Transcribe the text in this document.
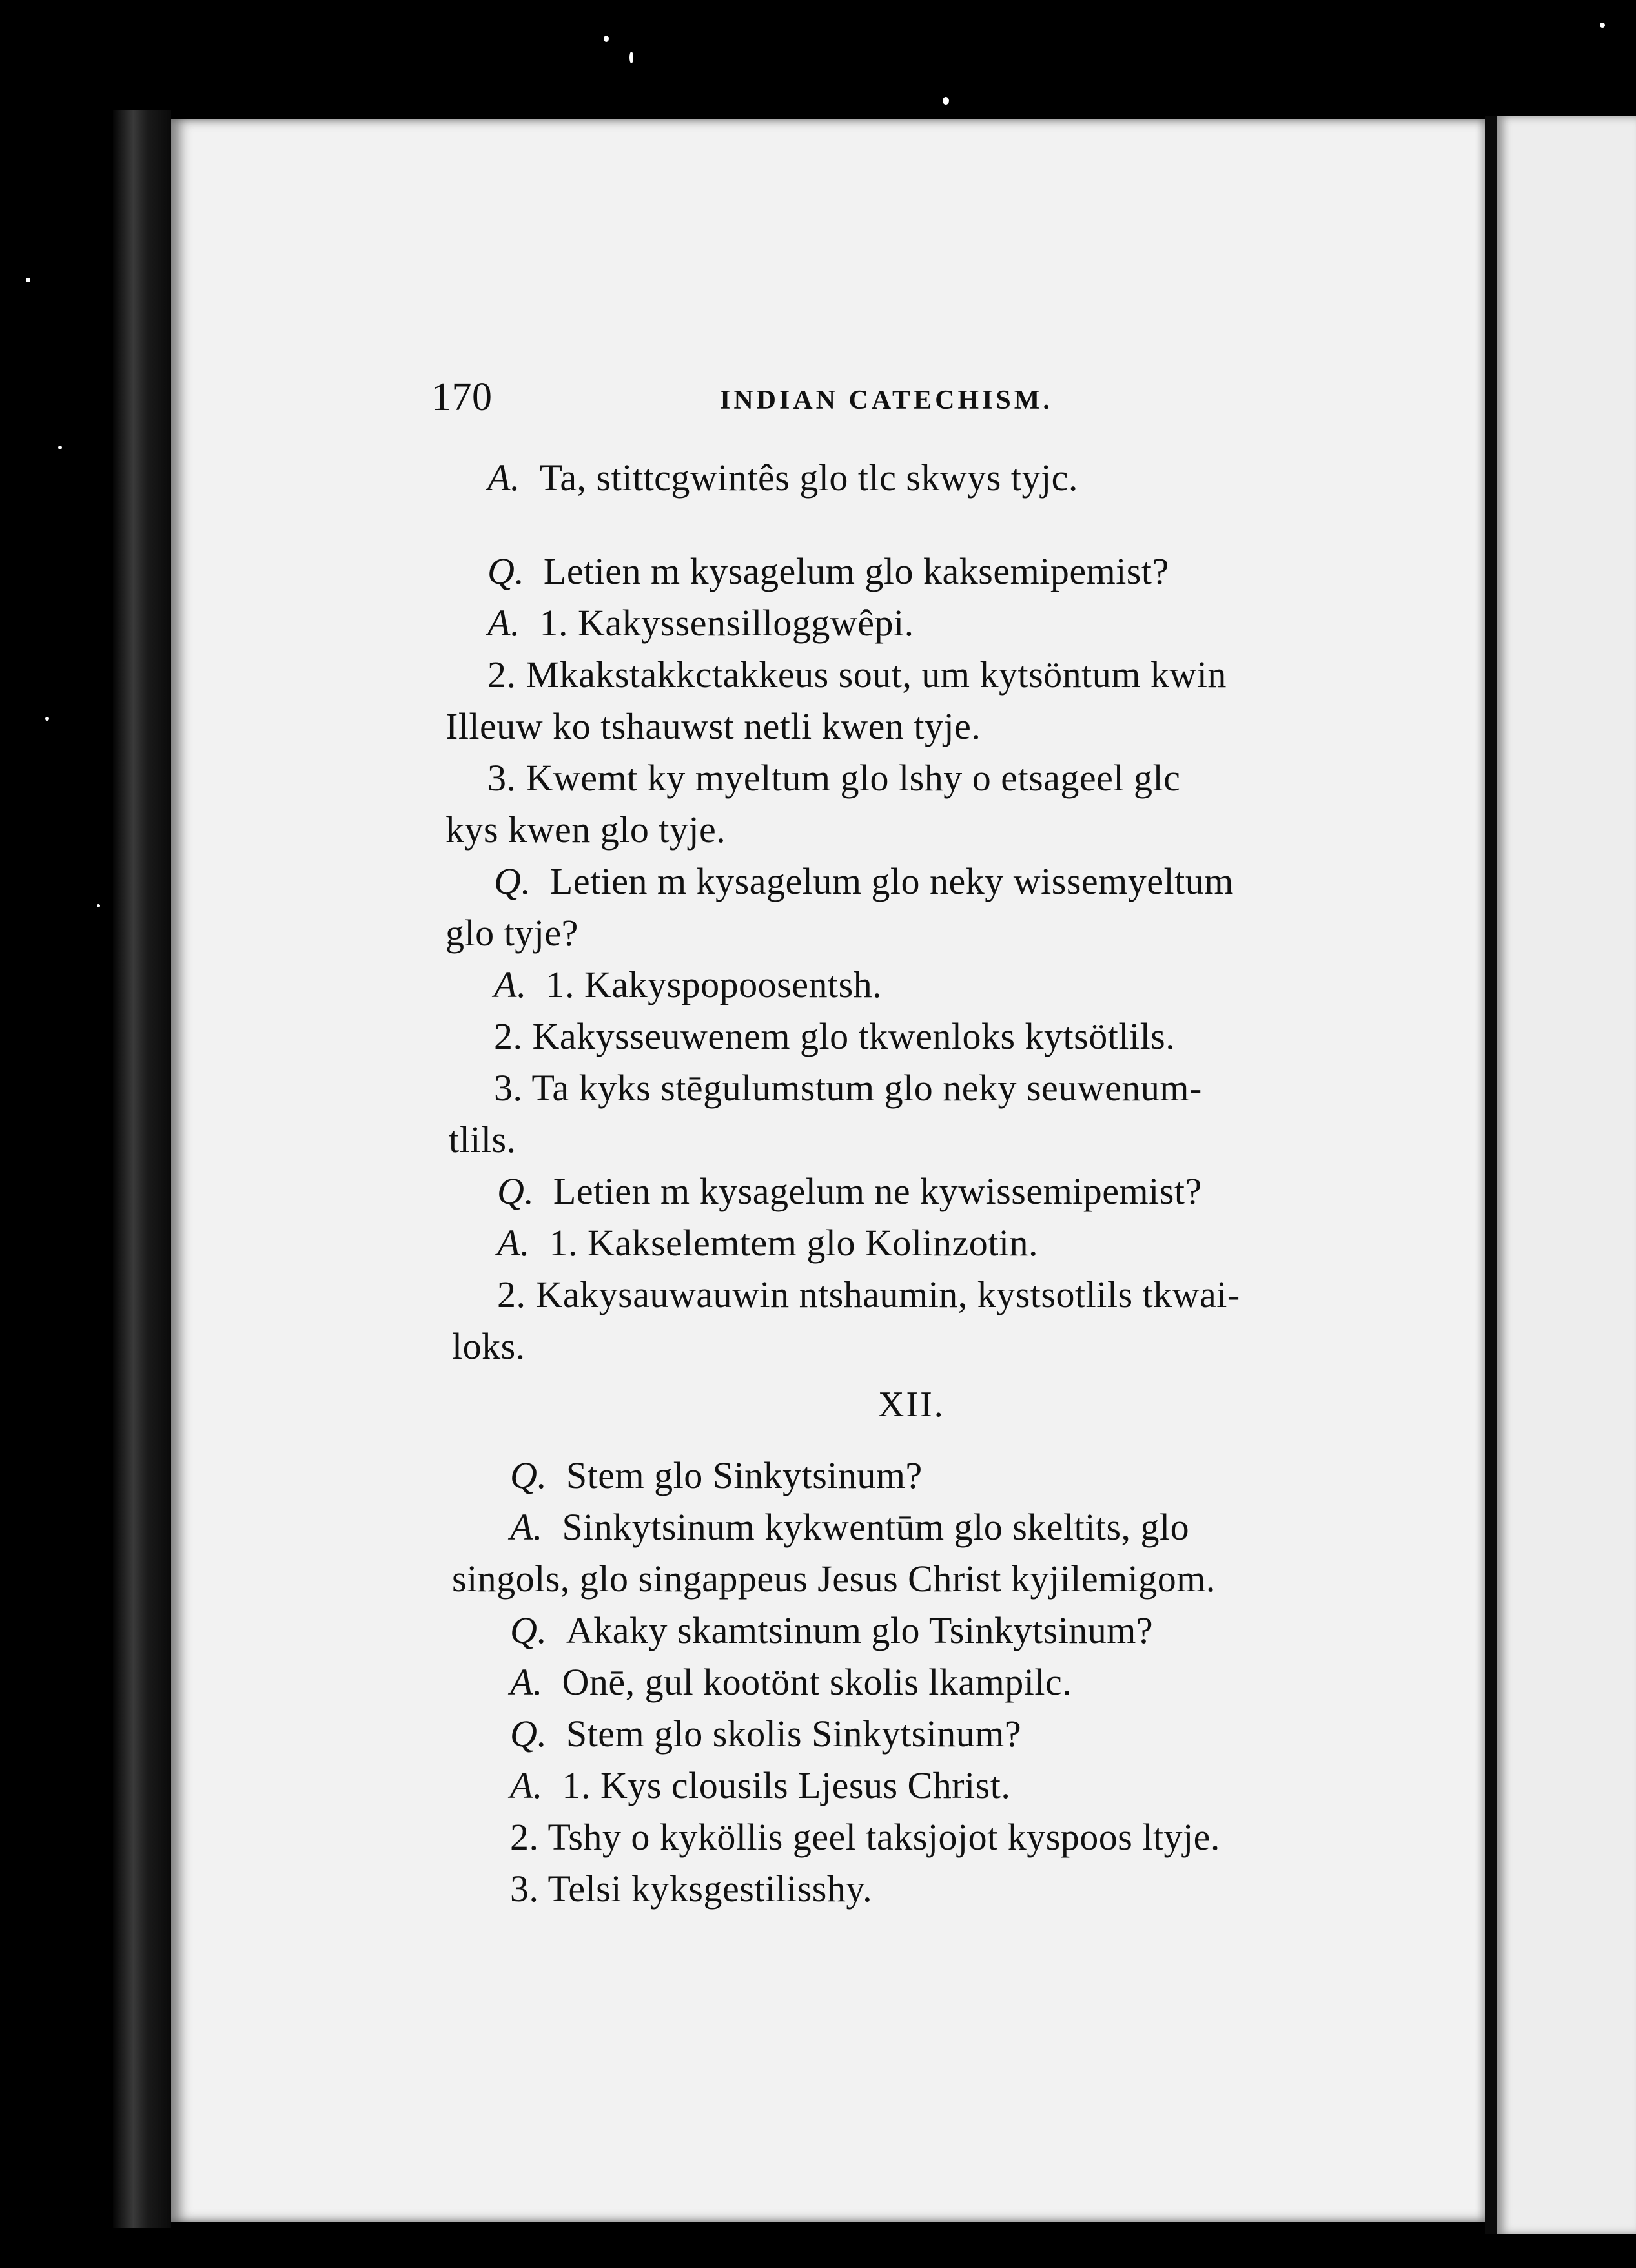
170	INDIAN CATECHISM.
A.  Ta, stittcgwintês glo tlc skwys tyjc.
Q.  Letien m kysagelum glo kaksemipemist?
A.  1. Kakyssensilloggwêpi.
2. Mkakstakkctakkeus sout, um kytsöntum kwin
Illeuw ko tshauwst netli kwen tyje.
3. Kwemt ky myeltum glo lshy o etsageel glc
kys kwen glo tyje.
Q.  Letien m kysagelum glo neky wissemyeltum
glo tyje?
A.  1. Kakyspopoosentsh.
2. Kakysseuwenem glo tkwenloks kytsötlils.
3. Ta kyks stēgulumstum glo neky seuwenum-
tlils.
Q.  Letien m kysagelum ne kywissemipemist?
A.  1. Kakselemtem glo Kolinzotin.
2. Kakysauwauwin ntshaumin, kystsotlils tkwai-
loks.
XII.
Q.  Stem glo Sinkytsinum?
A.  Sinkytsinum kykwentūm glo skeltits, glo
singols, glo singappeus Jesus Christ kyjilemigom.
Q.  Akaky skamtsinum glo Tsinkytsinum?
A.  Onē, gul kootönt skolis lkampilc.
Q.  Stem glo skolis Sinkytsinum?
A.  1. Kys clousils Ljesus Christ.
2. Tshy o kyköllis geel taksjojot kyspoos ltyje.
3. Telsi kyksgestilisshy.
